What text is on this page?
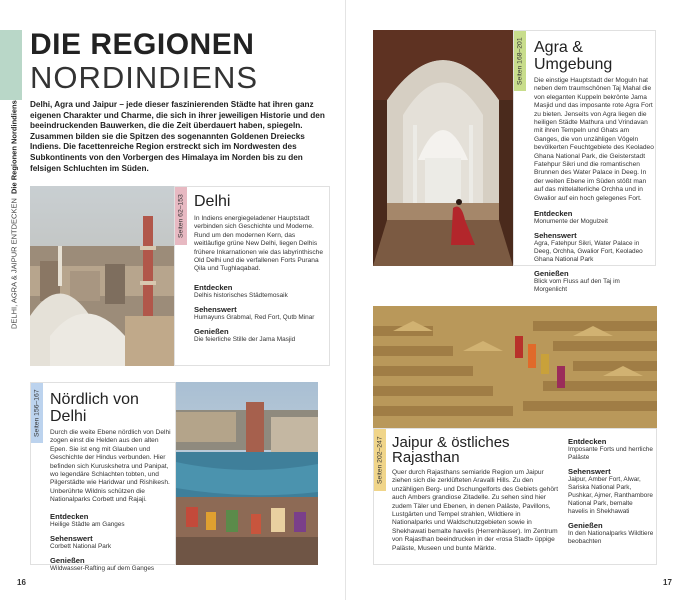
DELHI, AGRA & JAIPUR ENTDECKEN
Die Regionen Nordindiens
DIE REGIONEN
NORDINDIENS
Delhi, Agra und Jaipur – jede dieser faszinierenden Städte hat ihren ganz eigenen Charakter und Charme, die sich in ihrer jeweiligen Historie und den beeindruckenden Bauwerken, die die Zeit überdauert haben, spiegeln. Zusammen bilden sie die Spitzen des sogenannten Goldenen Dreiecks Indiens. Die facettenreiche Region erstreckt sich im Nordwesten des Subkontinents von den Vorbergen des Himalaya im Norden bis zu den felsigen Schluchten im Süden.
Seiten 62–153 Delhi
In Indiens energiegeladener Hauptstadt verbinden sich Geschichte und Moderne. Rund um den modernen Kern, das weitläufige grüne New Delhi, liegen Delhis frühere Inkarnationen wie das labyrinthische Old Delhi und die verfallenen Forts Purana Qila und Tughlaqabad.
Entdecken
Delhis historisches Städtemosaik
Sehenswert
Humayuns Grabmal, Red Fort, Qutb Minar
Genießen
Die feierliche Stille der Jama Masjid
Seiten 156–167 Nördlich von Delhi
Durch die weite Ebene nördlich von Delhi zogen einst die Helden aus den alten Epen. Sie ist eng mit Glauben und Geschichte der Hindus verbunden. Hier befinden sich Kuruskshetra und Panipat, wo legendäre Schlachten tobten, und Pilgerstädte wie Haridwar und Rishikesh. Unberührte Wildnis schützen die Nationalparks Corbett und Rajaji.
Entdecken
Heilige Städte am Ganges
Sehenswert
Corbett National Park
Genießen
Wildwasser-Rafting auf dem Ganges
16
Seiten 168–201 Agra & Umgebung
Die einstige Hauptstadt der Moguln hat neben dem traumschönen Taj Mahal die von eleganten Kuppeln bekrönte Jama Masjid und das imposante rote Agra Fort zu bieten. Jenseits von Agra liegen die heiligen Städte Mathura und Vrindavan mit ihren Tempeln und Ghats am Ganges, die von unzähligen Vögeln bevölkerten Feuchtgebiete des Keoladeo Ghana National Park, die Geisterstadt Fatehpur Sikri und die romantischen Brunnen des Water Palace in Deeg. In der weiten Ebene im Süden stößt man auf das mittelalterliche Orchha und in Gwalior auf ein hoch gelegenes Fort.
Entdecken
Monumente der Mogulzeit
Sehenswert
Agra, Fatehpur Sikri, Water Palace in Deeg, Orchha, Gwalior Fort, Keoladeo Ghana National Park
Genießen
Blick vom Fluss auf den Taj im Morgenlicht
Seiten 202–247 Jaipur & östliches Rajasthan
Quer durch Rajasthans semiaride Region um Jaipur ziehen sich die zerklüfteten Aravalli Hills. Zu den unzähligen Berg- und Dschungelforts des Gebiets gehört auch Ambers grandiose Zitadelle. Zu sehen sind hier zudem Täler und Ebenen, in denen Paläste, Pavillons, Lustgärten und Tempel strahlen, Wildtiere in Nationalparks und Waldschutzgebieten sowie in Shekhawati bemalte havelis (Herrenhäuser). Im Zentrum von Rajasthan beeindrucken in der «rosa Stadt» üppige Paläste, Museen und bunte Märkte.
Entdecken
Imposante Forts und herrliche Paläste
Sehenswert
Jaipur, Amber Fort, Alwar, Sariska National Park, Pushkar, Ajmer, Ranthambore National Park, bemalte havelis in Shekhawati
Genießen
In den Nationalparks Wildtiere beobachten
17
